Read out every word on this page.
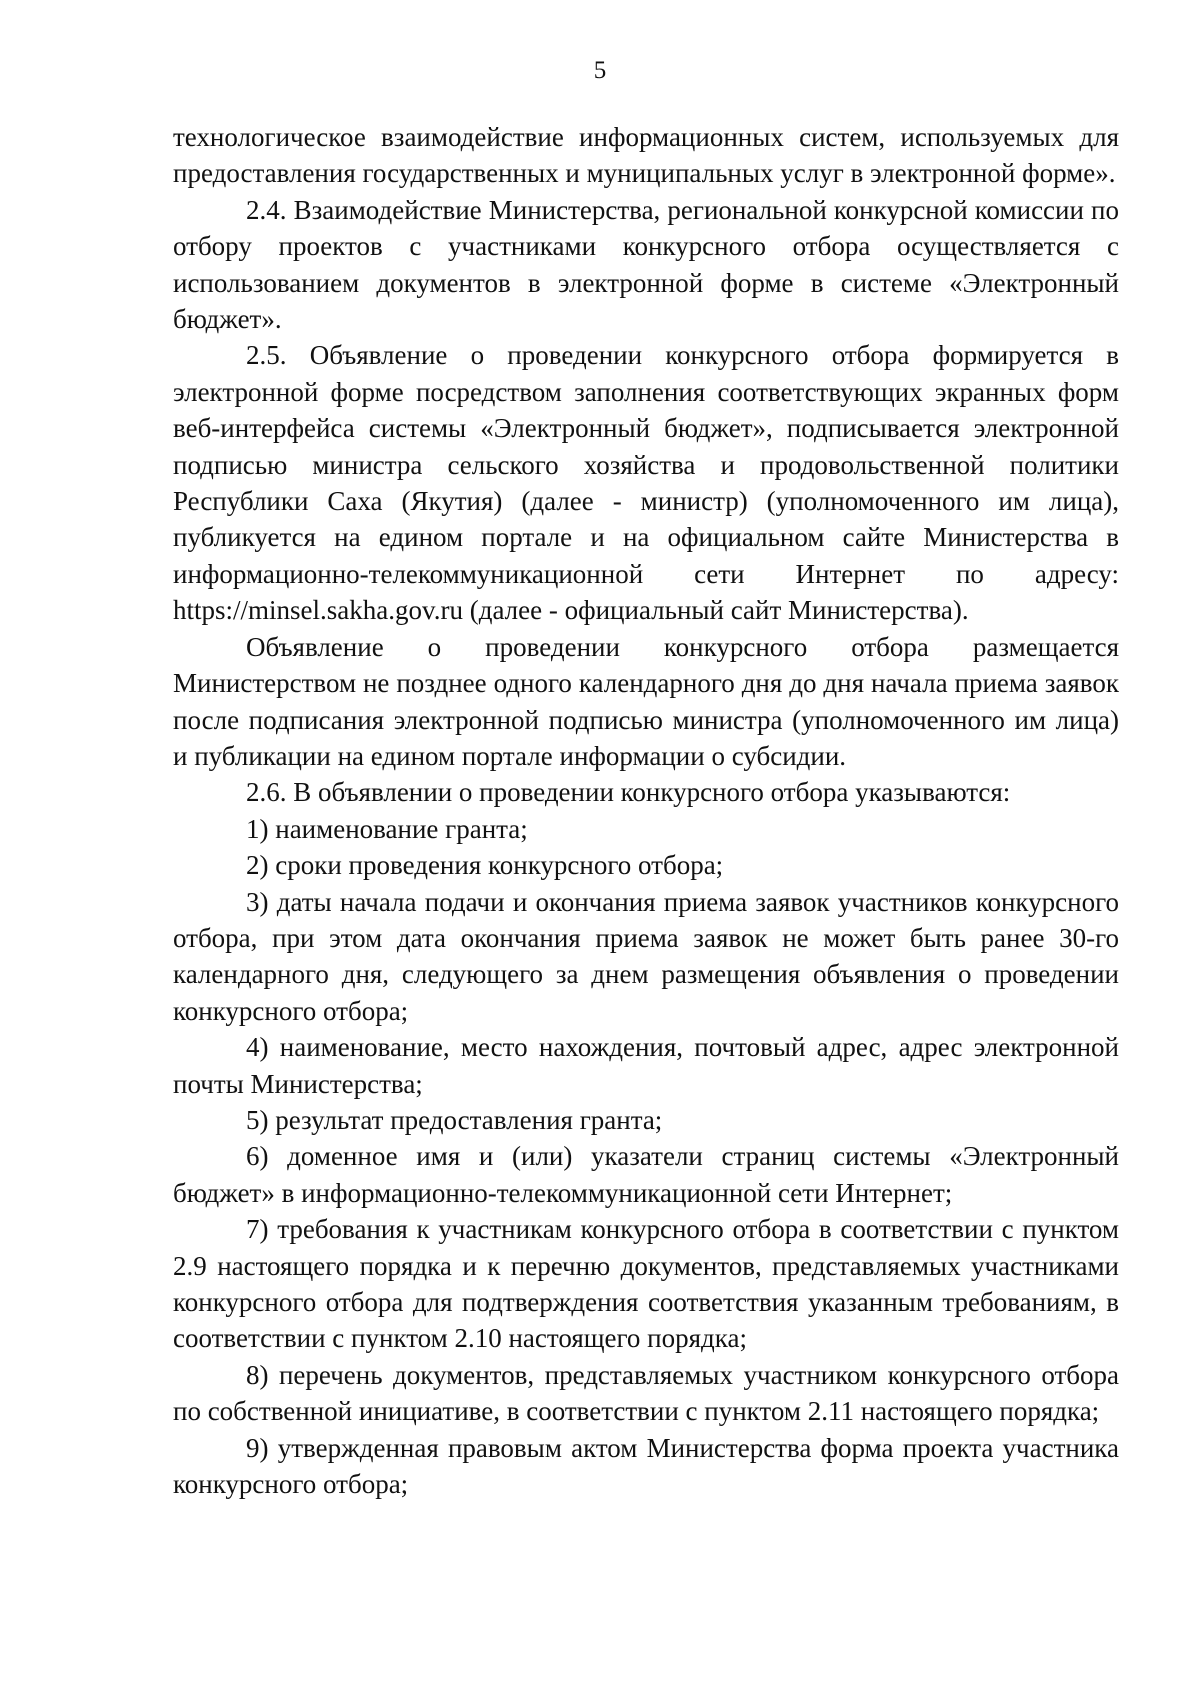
5

технологическое взаимодействие информационных систем, используемых для предоставления государственных и муниципальных услуг в электронной форме».

2.4. Взаимодействие Министерства, региональной конкурсной комиссии по отбору проектов с участниками конкурсного отбора осуществляется с использованием документов в электронной форме в системе «Электронный бюджет».

2.5. Объявление о проведении конкурсного отбора формируется в электронной форме посредством заполнения соответствующих экранных форм веб-интерфейса системы «Электронный бюджет», подписывается электронной подписью министра сельского хозяйства и продовольственной политики Республики Саха (Якутия) (далее - министр) (уполномоченного им лица), публикуется на едином портале и на официальном сайте Министерства в информационно-телекоммуникационной сети Интернет по адресу: https://minsel.sakha.gov.ru (далее - официальный сайт Министерства).

Объявление о проведении конкурсного отбора размещается Министерством не позднее одного календарного дня до дня начала приема заявок после подписания электронной подписью министра (уполномоченного им лица) и публикации на едином портале информации о субсидии.

2.6. В объявлении о проведении конкурсного отбора указываются:

1) наименование гранта;

2) сроки проведения конкурсного отбора;

3) даты начала подачи и окончания приема заявок участников конкурсного отбора, при этом дата окончания приема заявок не может быть ранее 30-го календарного дня, следующего за днем размещения объявления о проведении конкурсного отбора;

4) наименование, место нахождения, почтовый адрес, адрес электронной почты Министерства;

5) результат предоставления гранта;

6) доменное имя и (или) указатели страниц системы «Электронный бюджет» в информационно-телекоммуникационной сети Интернет;

7) требования к участникам конкурсного отбора в соответствии с пунктом 2.9 настоящего порядка и к перечню документов, представляемых участниками конкурсного отбора для подтверждения соответствия указанным требованиям, в соответствии с пунктом 2.10 настоящего порядка;

8) перечень документов, представляемых участником конкурсного отбора по собственной инициативе, в соответствии с пунктом 2.11 настоящего порядка;

9) утвержденная правовым актом Министерства форма проекта участника конкурсного отбора;
